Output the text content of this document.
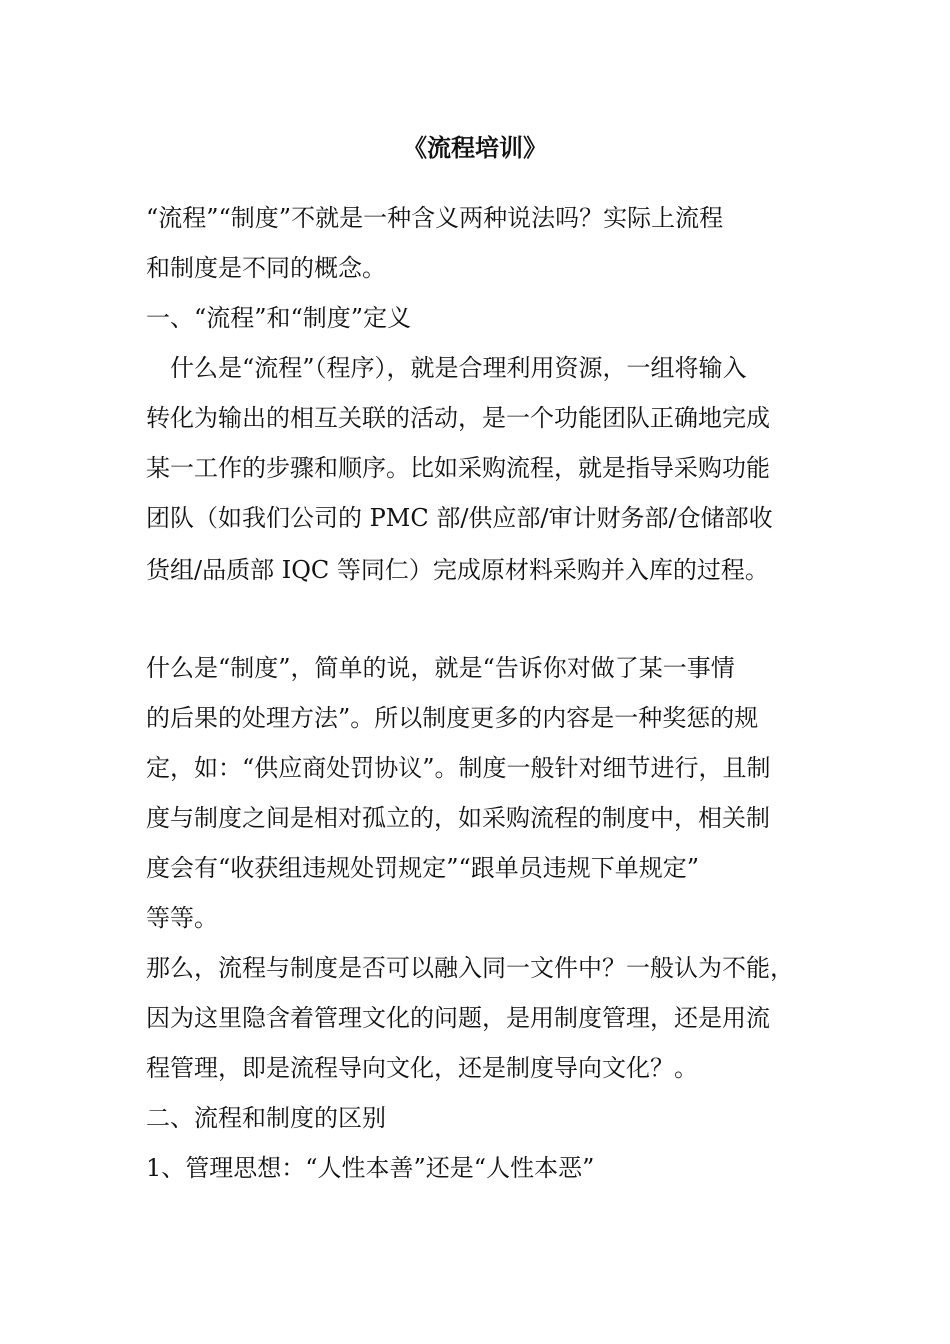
《流程培训》
“流程”“制度”不就是一种含义两种说法吗？实际上流程
和制度是不同的概念。
一、“流程”和“制度”定义
　什么是“流程”（程序），就是合理利用资源，一组将输入
转化为输出的相互关联的活动，是一个功能团队正确地完成
某一工作的步骤和顺序。比如采购流程，就是指导采购功能
团队（如我们公司的 PMC 部/供应部/审计财务部/仓储部收
货组/品质部 IQC 等同仁）完成原材料采购并入库的过程。
什么是“制度”，简单的说，就是“告诉你对做了某一事情
的后果的处理方法”。所以制度更多的内容是一种奖惩的规
定，如：“供应商处罚协议”。制度一般针对细节进行，且制
度与制度之间是相对孤立的，如采购流程的制度中，相关制
度会有“收获组违规处罚规定”“跟单员违规下单规定”
等等。
那么，流程与制度是否可以融入同一文件中？一般认为不能，
因为这里隐含着管理文化的问题，是用制度管理，还是用流
程管理，即是流程导向文化，还是制度导向文化？。
二、流程和制度的区别
1、管理思想：“人性本善”还是“人性本恶”
